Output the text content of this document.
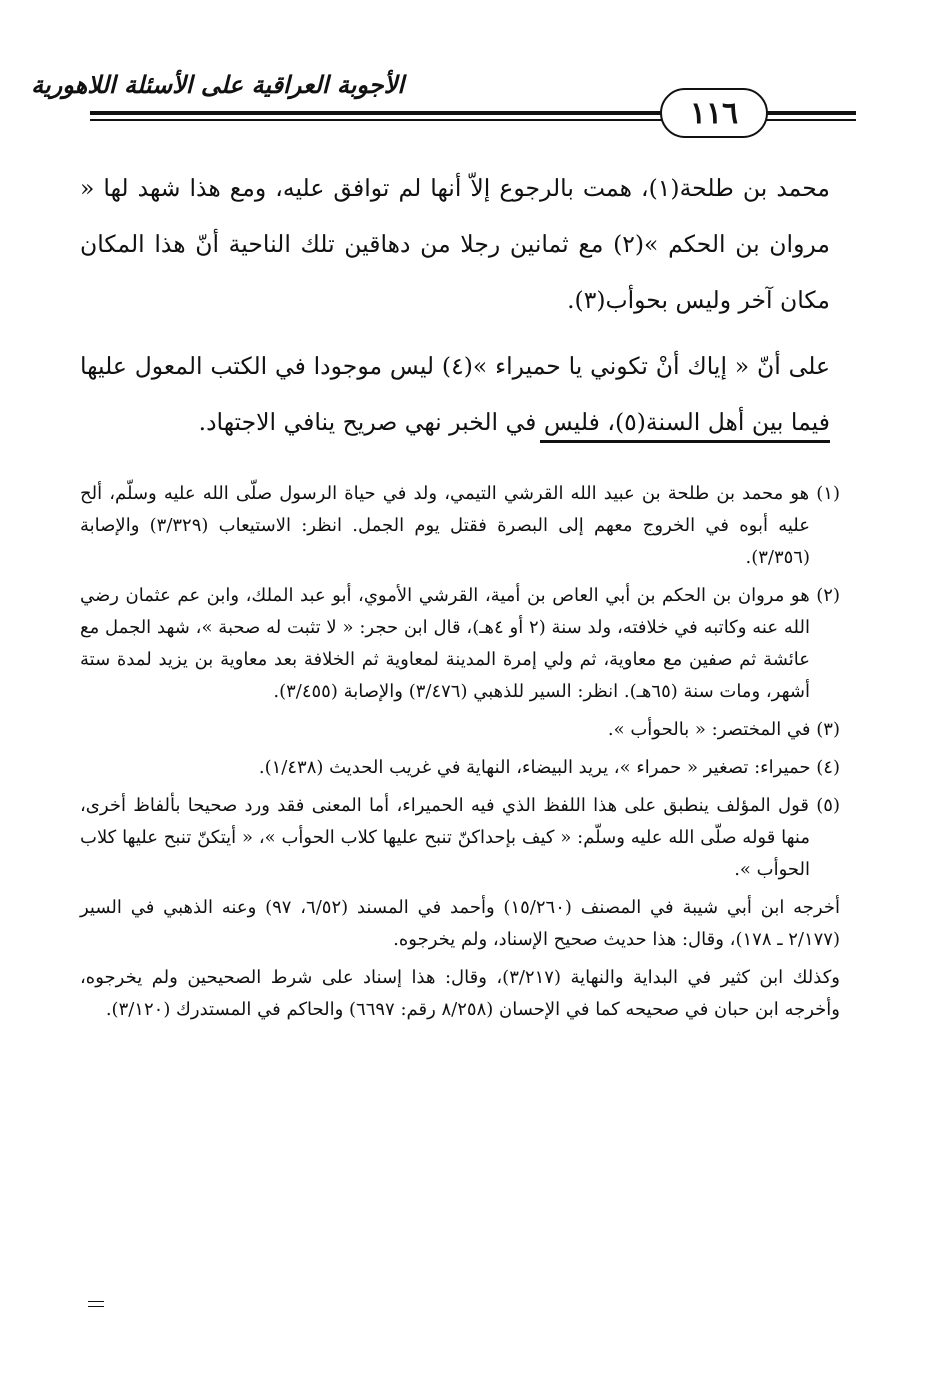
الأجوبة العراقية على الأسئلة اللاهورية
١١٦

محمد بن طلحة(١)، همت بالرجوع إلاّ أنها لم توافق عليه، ومع هذا شهد لها « مروان بن الحكم »(٢) مع ثمانين رجلا من دهاقين تلك الناحية أنّ هذا المكان مكان آخر وليس بحوأب(٣).

على أنّ « إياك أنْ تكوني يا حميراء »(٤) ليس موجودا في الكتب المعول عليها فيما بين أهل السنة(٥)، فليس في الخبر نهي صريح ينافي الاجتهاد.

(١) هو محمد بن طلحة بن عبيد الله القرشي التيمي، ولد في حياة الرسول صلّى الله عليه وسلّم، ألح عليه أبوه في الخروج معهم إلى البصرة فقتل يوم الجمل. انظر: الاستيعاب (٣/٣٢٩) والإصابة (٣/٣٥٦).

(٢) هو مروان بن الحكم بن أبي العاص بن أمية، القرشي الأموي، أبو عبد الملك، وابن عم عثمان رضي الله عنه وكاتبه في خلافته، ولد سنة (٢ أو ٤هـ)، قال ابن حجر: « لا تثبت له صحبة »، شهد الجمل مع عائشة ثم صفين مع معاوية، ثم ولي إمرة المدينة لمعاوية ثم الخلافة بعد معاوية بن يزيد لمدة ستة أشهر، ومات سنة (٦٥هـ). انظر: السير للذهبي (٣/٤٧٦) والإصابة (٣/٤٥٥).

(٣) في المختصر: « بالحوأب ».

(٤) حميراء: تصغير « حمراء »، يريد البيضاء، النهاية في غريب الحديث (١/٤٣٨).

(٥) قول المؤلف ينطبق على هذا اللفظ الذي فيه الحميراء، أما المعنى فقد ورد صحيحا بألفاظ أخرى، منها قوله صلّى الله عليه وسلّم: « كيف بإحداكنّ تنبح عليها كلاب الحوأب »، « أيتكنّ تنبح عليها كلاب الحوأب ».

أخرجه ابن أبي شيبة في المصنف (١٥/٢٦٠) وأحمد في المسند (٦/٥٢، ٩٧) وعنه الذهبي في السير (٢/١٧٧ ـ ١٧٨)، وقال: هذا حديث صحيح الإسناد، ولم يخرجوه.

وكذلك ابن كثير في البداية والنهاية (٣/٢١٧)، وقال: هذا إسناد على شرط الصحيحين ولم يخرجوه، وأخرجه ابن حبان في صحيحه كما في الإحسان (٨/٢٥٨ رقم: ٦٦٩٧) والحاكم في المستدرك (٣/١٢٠).
